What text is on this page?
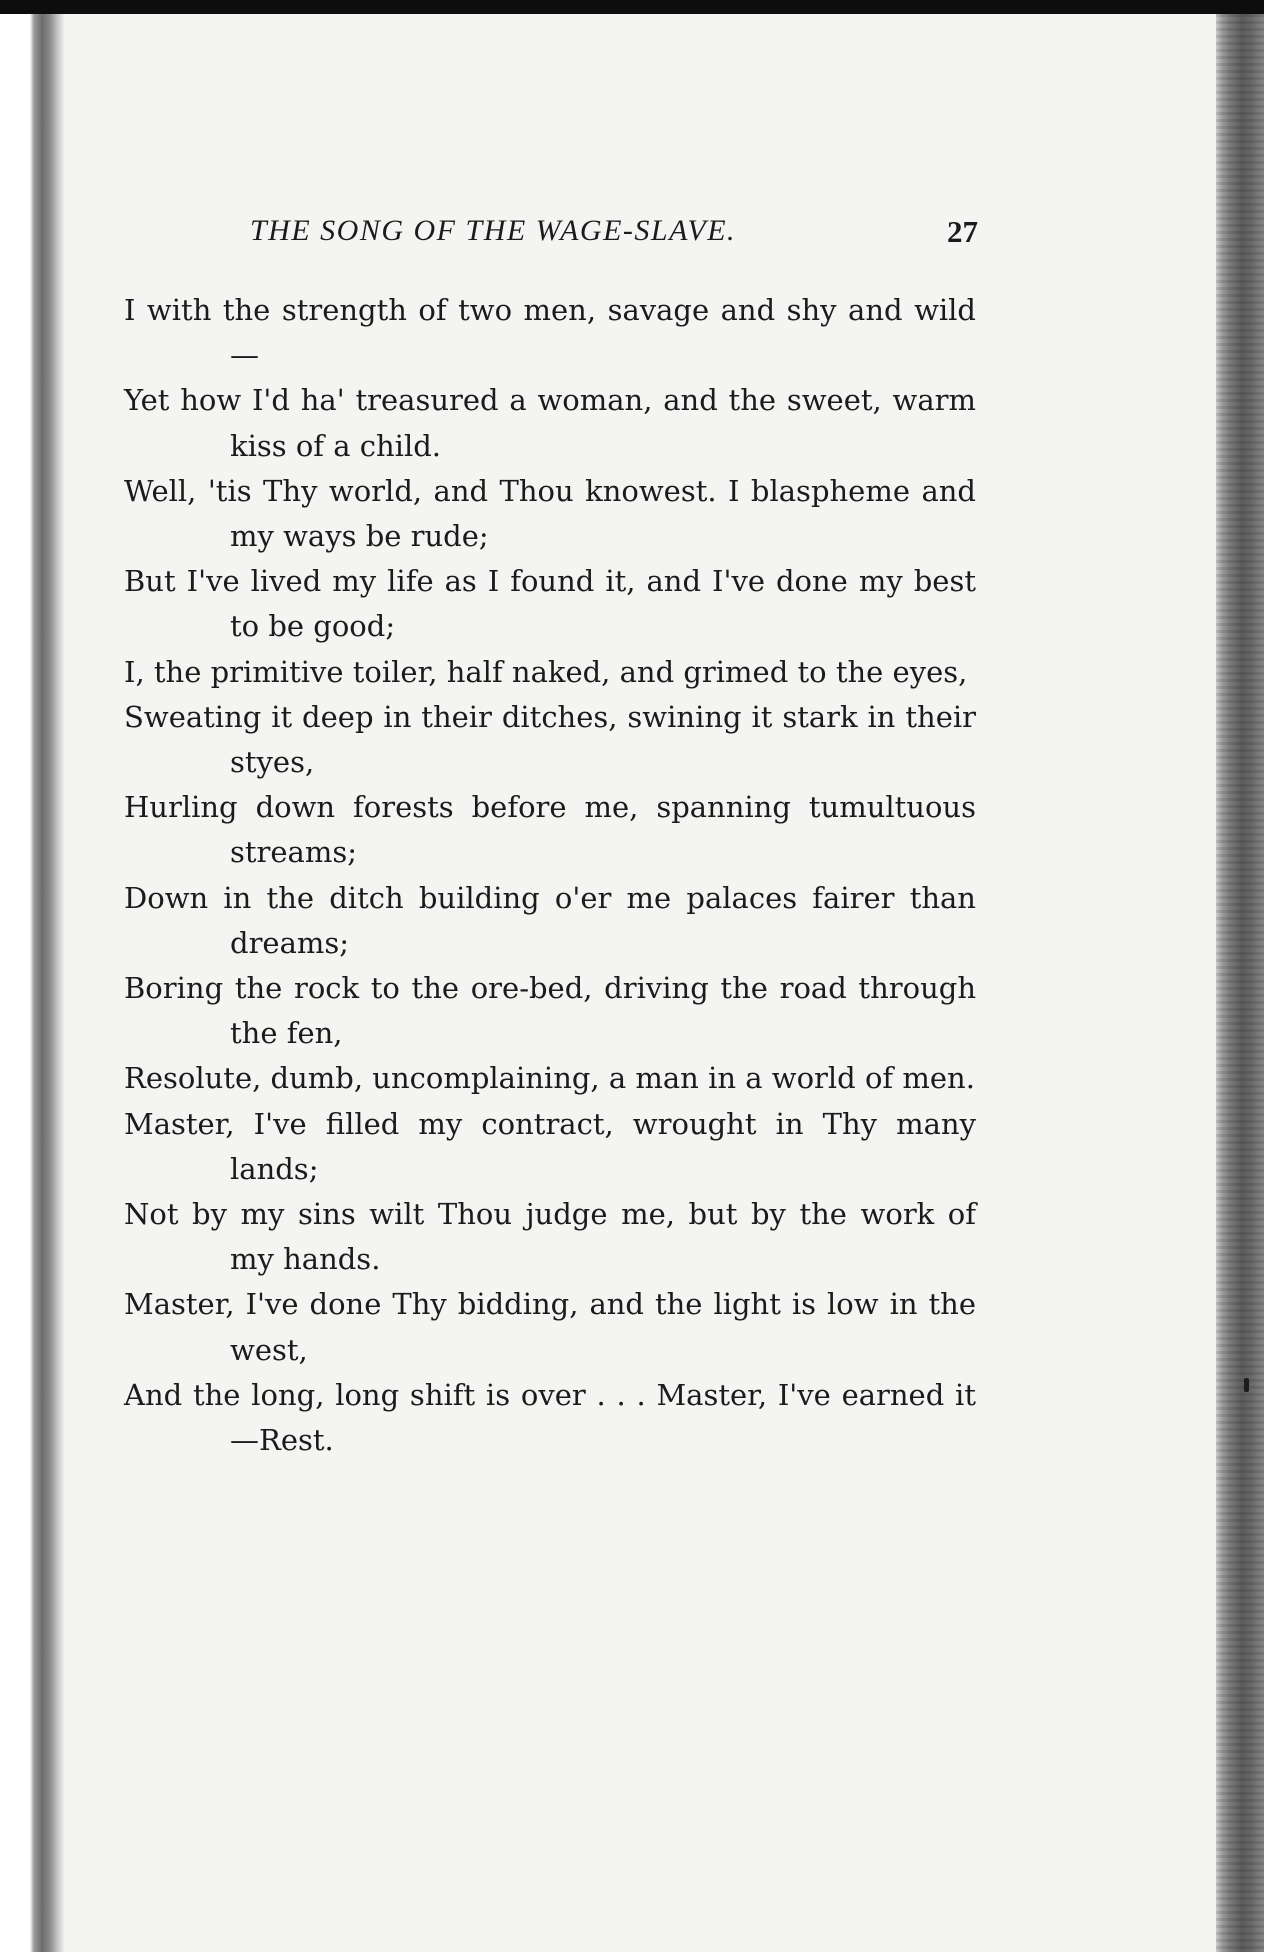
THE SONG OF THE WAGE-SLAVE.	27

I with the strength of two men, savage and shy and wild—

Yet how I'd ha' treasured a woman, and the sweet, warm kiss of a child.

Well, 'tis Thy world, and Thou knowest. I blaspheme and my ways be rude;

But I've lived my life as I found it, and I've done my best to be good;

I, the primitive toiler, half naked, and grimed to the eyes,

Sweating it deep in their ditches, swining it stark in their styes,

Hurling down forests before me, spanning tumultuous streams;

Down in the ditch building o'er me palaces fairer than dreams;

Boring the rock to the ore-bed, driving the road through the fen,

Resolute, dumb, uncomplaining, a man in a world of men.

Master, I've filled my contract, wrought in Thy many lands;

Not by my sins wilt Thou judge me, but by the work of my hands.

Master, I've done Thy bidding, and the light is low in the west,

And the long, long shift is over . . . Master, I've earned it—Rest.
